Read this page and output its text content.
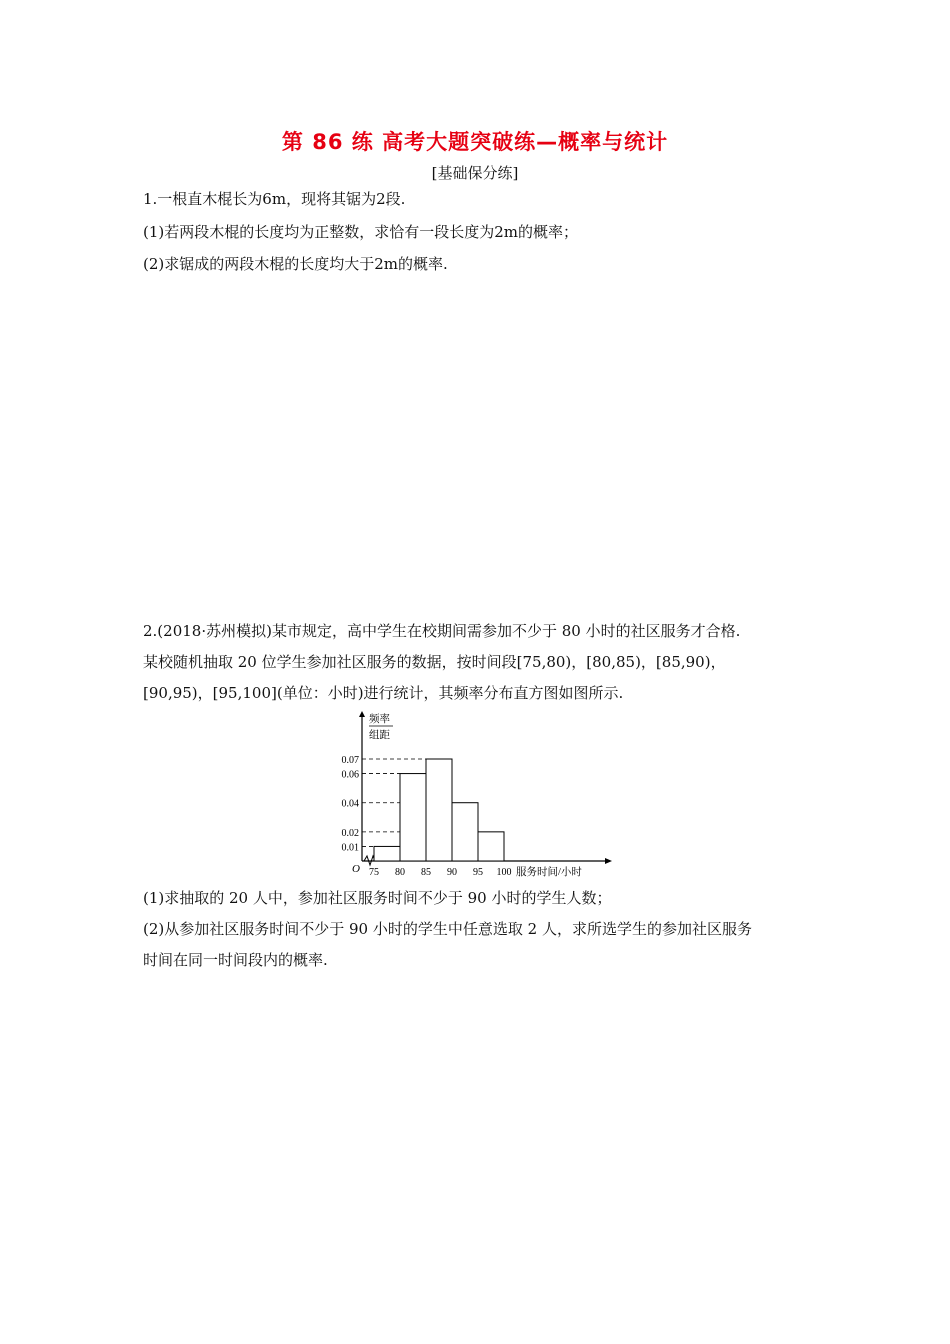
第 86 练 高考大题突破练—概率与统计
[基础保分练]
1.一根直木棍长为6m，现将其锯为2段.
(1)若两段木棍的长度均为正整数，求恰有一段长度为2m的概率；
(2)求锯成的两段木棍的长度均大于2m的概率.
2.(2018·苏州模拟)某市规定，高中学生在校期间需参加不少于 80 小时的社区服务才合格.
某校随机抽取 20 位学生参加社区服务的数据，按时间段[75,80)，[80,85)，[85,90)，
[90,95)，[95,100](单位：小时)进行统计，其频率分布直方图如图所示.
0.01
0.02
0.04
0.06
0.07
75 80 85 90 95 100
O	服务时间/小时
频率
组距
(1)求抽取的 20 人中，参加社区服务时间不少于 90 小时的学生人数；
(2)从参加社区服务时间不少于 90 小时的学生中任意选取 2 人，求所选学生的参加社区服务
时间在同一时间段内的概率.
